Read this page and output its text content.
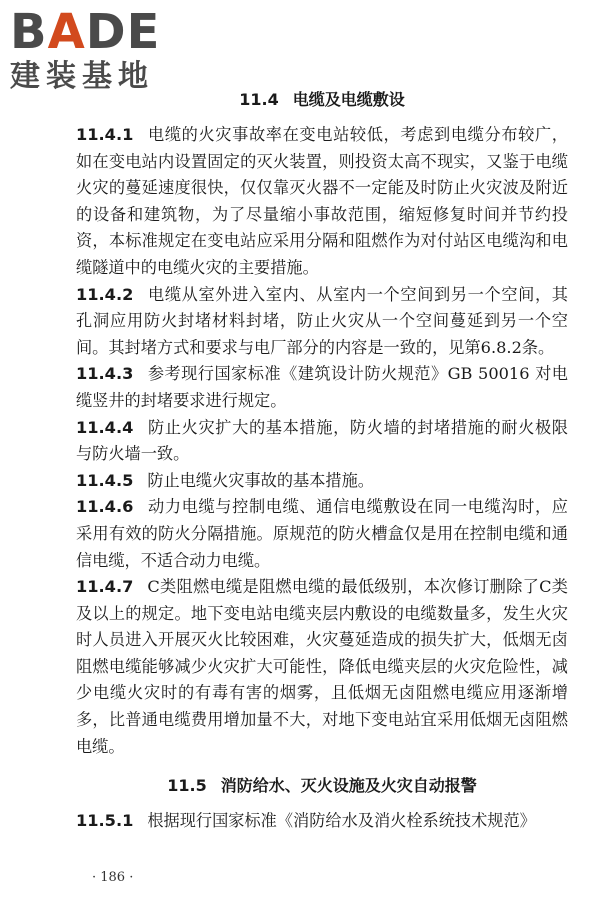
BADE
建装基地
11.4 电缆及电缆敷设

11.4.1 电缆的火灾事故率在变电站较低，考虑到电缆分布较广，如在变电站内设置固定的灭火装置，则投资太高不现实，又鉴于电缆火灾的蔓延速度很快，仅仅靠灭火器不一定能及时防止火灾波及附近的设备和建筑物，为了尽量缩小事故范围，缩短修复时间并节约投资，本标准规定在变电站应采用分隔和阻燃作为对付站区电缆沟和电缆隧道中的电缆火灾的主要措施。

11.4.2 电缆从室外进入室内、从室内一个空间到另一个空间，其孔洞应用防火封堵材料封堵，防止火灾从一个空间蔓延到另一个空间。其封堵方式和要求与电厂部分的内容是一致的，见第6.8.2条。

11.4.3 参考现行国家标准《建筑设计防火规范》GB 50016 对电缆竖井的封堵要求进行规定。

11.4.4 防止火灾扩大的基本措施，防火墙的封堵措施的耐火极限与防火墙一致。

11.4.5 防止电缆火灾事故的基本措施。

11.4.6 动力电缆与控制电缆、通信电缆敷设在同一电缆沟时，应采用有效的防火分隔措施。原规范的防火槽盒仅是用在控制电缆和通信电缆，不适合动力电缆。

11.4.7 C类阻燃电缆是阻燃电缆的最低级别，本次修订删除了C类及以上的规定。地下变电站电缆夹层内敷设的电缆数量多，发生火灾时人员进入开展灭火比较困难，火灾蔓延造成的损失扩大，低烟无卤阻燃电缆能够减少火灾扩大可能性，降低电缆夹层的火灾危险性，减少电缆火灾时的有毒有害的烟雾，且低烟无卤阻燃电缆应用逐渐增多，比普通电缆费用增加量不大，对地下变电站宜采用低烟无卤阻燃电缆。

11.5 消防给水、灭火设施及火灾自动报警

11.5.1 根据现行国家标准《消防给水及消火栓系统技术规范》

· 186 ·
